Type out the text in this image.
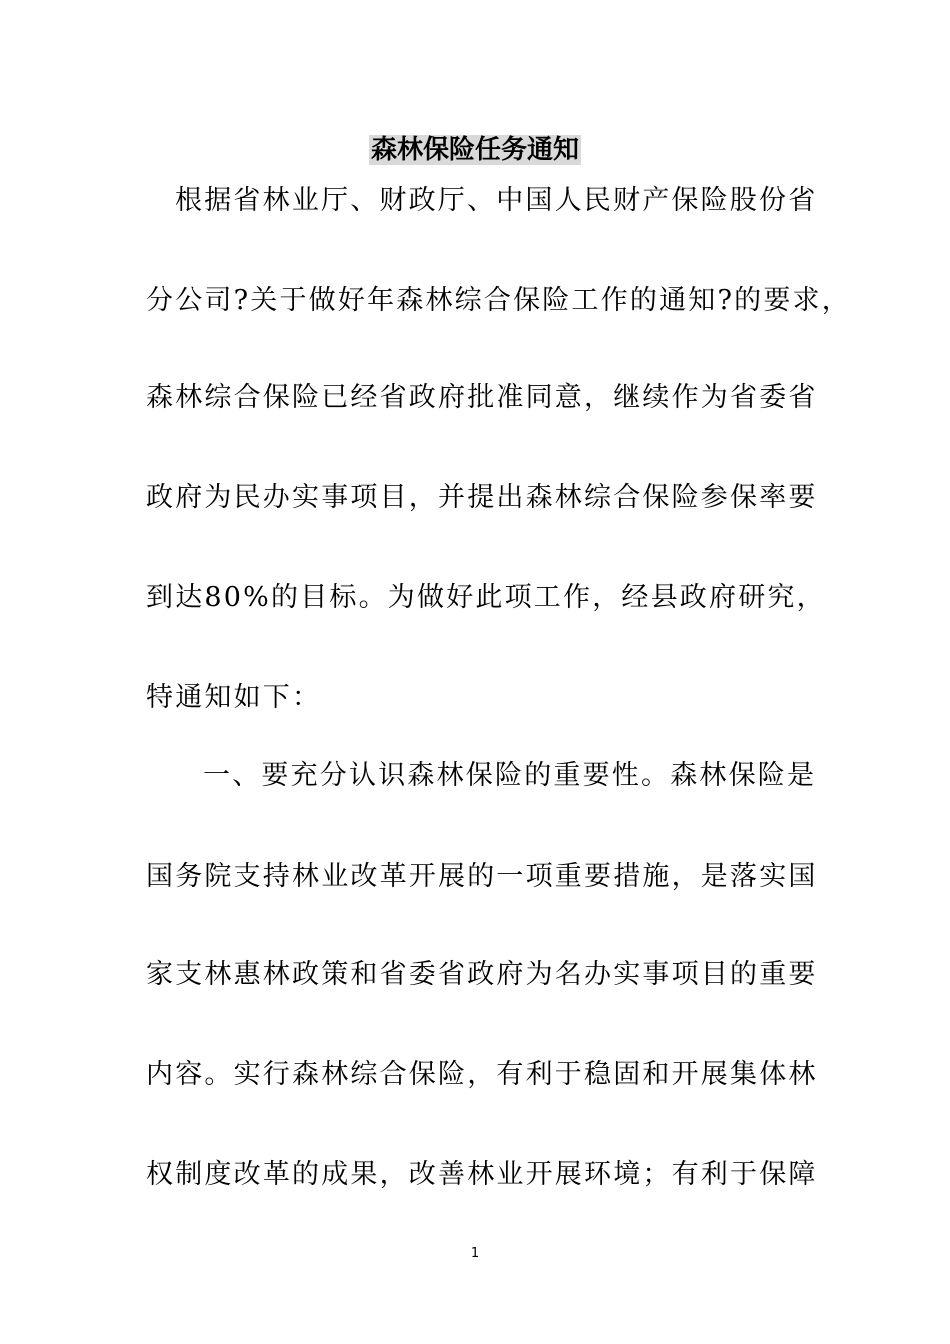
森林保险任务通知
根据省林业厅、财政厅、中国人民财产保险股份省
分公司?关于做好年森林综合保险工作的通知?的要求，
森林综合保险已经省政府批准同意，继续作为省委省
政府为民办实事项目，并提出森林综合保险参保率要
到达80%的目标。为做好此项工作，经县政府研究，
特通知如下：
一、要充分认识森林保险的重要性。森林保险是
国务院支持林业改革开展的一项重要措施，是落实国
家支林惠林政策和省委省政府为名办实事项目的重要
内容。实行森林综合保险，有利于稳固和开展集体林
权制度改革的成果，改善林业开展环境；有利于保障
1
